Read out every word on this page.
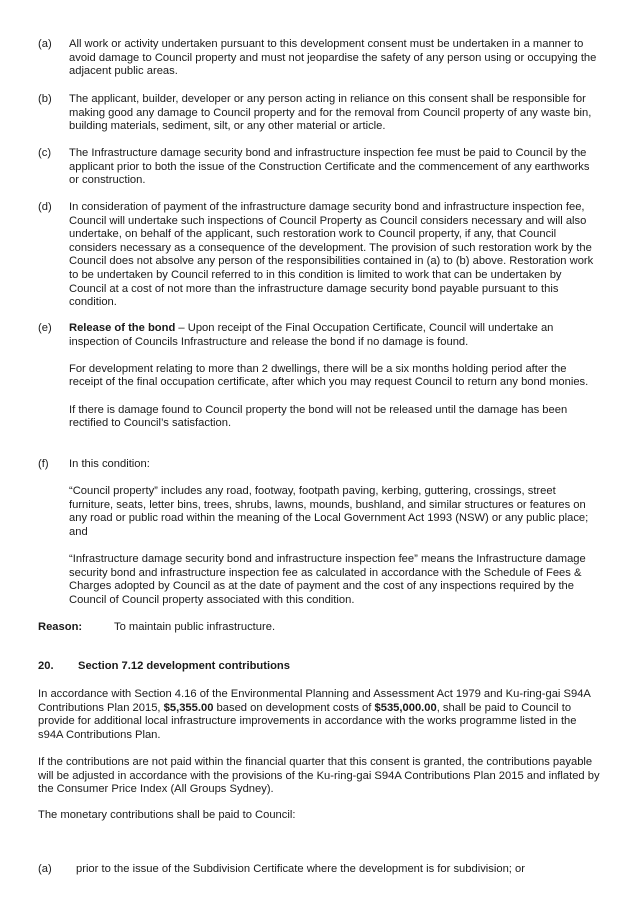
(a) All work or activity undertaken pursuant to this development consent must be undertaken in a manner to avoid damage to Council property and must not jeopardise the safety of any person using or occupying the adjacent public areas.

(b) The applicant, builder, developer or any person acting in reliance on this consent shall be responsible for making good any damage to Council property and for the removal from Council property of any waste bin, building materials, sediment, silt, or any other material or article.

(c) The Infrastructure damage security bond and infrastructure inspection fee must be paid to Council by the applicant prior to both the issue of the Construction Certificate and the commencement of any earthworks or construction.

(d) In consideration of payment of the infrastructure damage security bond and infrastructure inspection fee, Council will undertake such inspections of Council Property as Council considers necessary and will also undertake, on behalf of the applicant, such restoration work to Council property, if any, that Council considers necessary as a consequence of the development. The provision of such restoration work by the Council does not absolve any person of the responsibilities contained in (a) to (b) above. Restoration work to be undertaken by Council referred to in this condition is limited to work that can be undertaken by Council at a cost of not more than the infrastructure damage security bond payable pursuant to this condition.

(e) Release of the bond – Upon receipt of the Final Occupation Certificate, Council will undertake an inspection of Councils Infrastructure and release the bond if no damage is found.

For development relating to more than 2 dwellings, there will be a six months holding period after the receipt of the final occupation certificate, after which you may request Council to return any bond monies.

If there is damage found to Council property the bond will not be released until the damage has been rectified to Council’s satisfaction.

(f) In this condition:

“Council property” includes any road, footway, footpath paving, kerbing, guttering, crossings, street furniture, seats, letter bins, trees, shrubs, lawns, mounds, bushland, and similar structures or features on any road or public road within the meaning of the Local Government Act 1993 (NSW) or any public place; and

“Infrastructure damage security bond and infrastructure inspection fee” means the Infrastructure damage security bond and infrastructure inspection fee as calculated in accordance with the Schedule of Fees & Charges adopted by Council as at the date of payment and the cost of any inspections required by the Council of Council property associated with this condition.

Reason:	To maintain public infrastructure.
20. Section 7.12 development contributions
In accordance with Section 4.16 of the Environmental Planning and Assessment Act 1979 and Ku-ring-gai S94A Contributions Plan 2015, $5,355.00 based on development costs of $535,000.00, shall be paid to Council to provide for additional local infrastructure improvements in accordance with the works programme listed in the s94A Contributions Plan.
If the contributions are not paid within the financial quarter that this consent is granted, the contributions payable will be adjusted in accordance with the provisions of the Ku-ring-gai S94A Contributions Plan 2015 and inflated by the Consumer Price Index (All Groups Sydney).
The monetary contributions shall be paid to Council:
(a) prior to the issue of the Subdivision Certificate where the development is for subdivision; or
